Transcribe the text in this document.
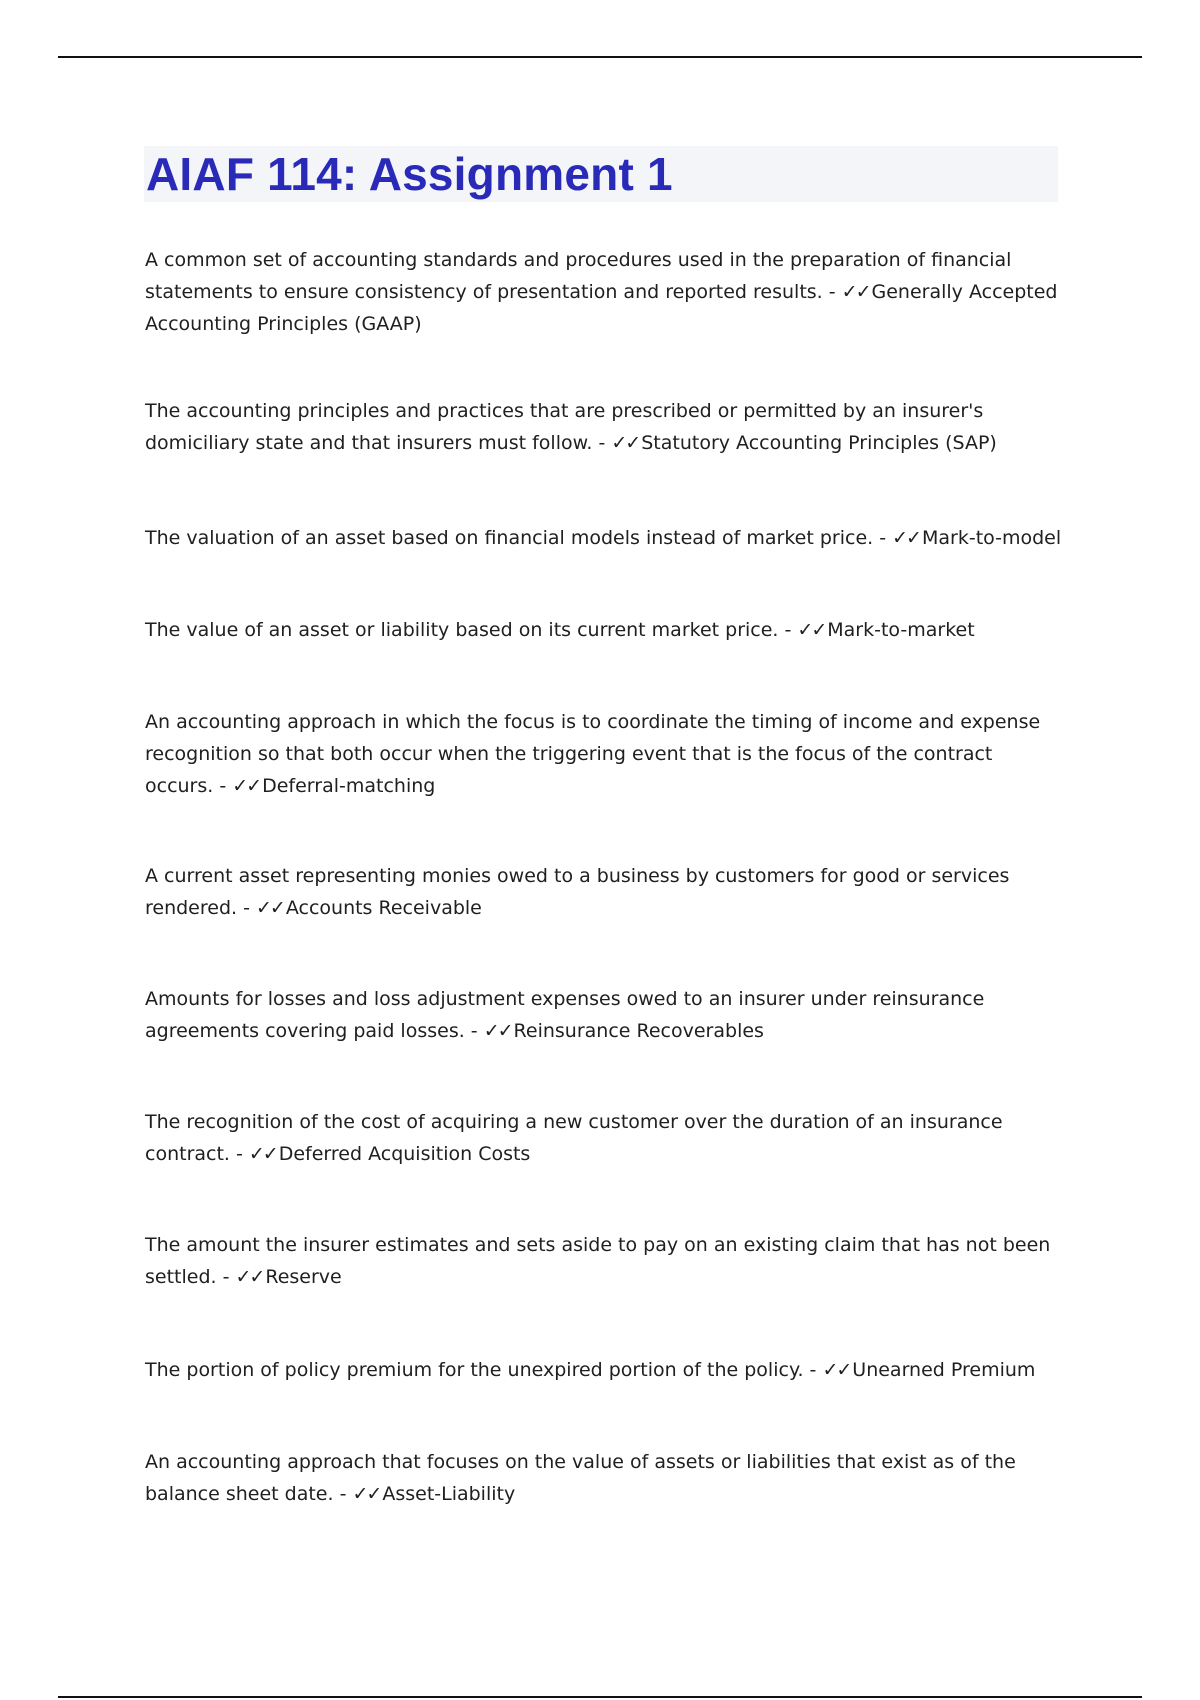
AIAF 114: Assignment 1

A common set of accounting standards and procedures used in the preparation of financial statements to ensure consistency of presentation and reported results. - ✓✓ Generally Accepted Accounting Principles (GAAP)

The accounting principles and practices that are prescribed or permitted by an insurer's domiciliary state and that insurers must follow. - ✓✓ Statutory Accounting Principles (SAP)

The valuation of an asset based on financial models instead of market price. - ✓✓ Mark-to-model

The value of an asset or liability based on its current market price. - ✓✓ Mark-to-market

An accounting approach in which the focus is to coordinate the timing of income and expense recognition so that both occur when the triggering event that is the focus of the contract occurs. - ✓✓ Deferral-matching

A current asset representing monies owed to a business by customers for good or services rendered. - ✓✓ Accounts Receivable

Amounts for losses and loss adjustment expenses owed to an insurer under reinsurance agreements covering paid losses. - ✓✓ Reinsurance Recoverables

The recognition of the cost of acquiring a new customer over the duration of an insurance contract. - ✓✓ Deferred Acquisition Costs

The amount the insurer estimates and sets aside to pay on an existing claim that has not been settled. - ✓✓ Reserve

The portion of policy premium for the unexpired portion of the policy. - ✓✓ Unearned Premium

An accounting approach that focuses on the value of assets or liabilities that exist as of the balance sheet date. - ✓✓ Asset-Liability
